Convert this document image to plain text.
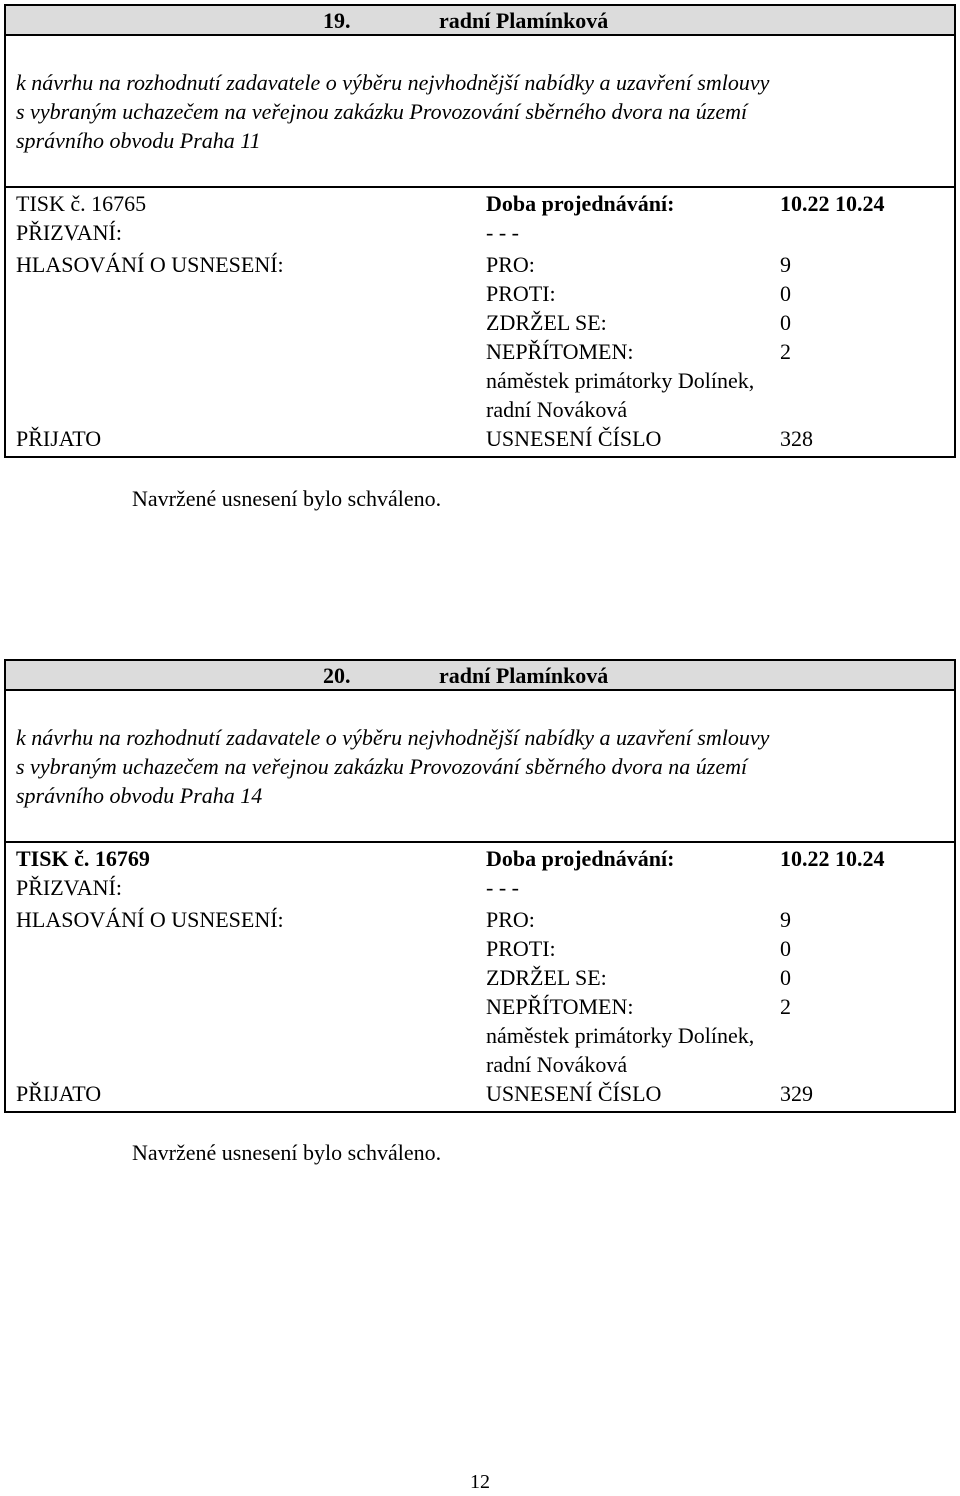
19.	radní Plamínková
k návrhu na rozhodnutí zadavatele o výběru nejvhodnější nabídky a uzavření smlouvy
s vybraným uchazečem na veřejnou zakázku Provozování sběrného dvora na území
správního obvodu Praha 11
TISK č. 16765	Doba projednávání:	10.22 10.24
PŘIZVANÍ:	- - -
HLASOVÁNÍ O USNESENÍ:	PRO:	9
PROTI:	0
ZDRŽEL SE:	0
NEPŘÍTOMEN:	2
náměstek primátorky Dolínek,
radní Nováková
PŘIJATO	USNESENÍ ČÍSLO	328
Navržené usnesení bylo schváleno.
20.	radní Plamínková
k návrhu na rozhodnutí zadavatele o výběru nejvhodnější nabídky a uzavření smlouvy
s vybraným uchazečem na veřejnou zakázku Provozování sběrného dvora na území
správního obvodu Praha 14
TISK č. 16769	Doba projednávání:	10.22 10.24
PŘIZVANÍ:	- - -
HLASOVÁNÍ O USNESENÍ:	PRO:	9
PROTI:	0
ZDRŽEL SE:	0
NEPŘÍTOMEN:	2
náměstek primátorky Dolínek,
radní Nováková
PŘIJATO	USNESENÍ ČÍSLO	329
Navržené usnesení bylo schváleno.
12
